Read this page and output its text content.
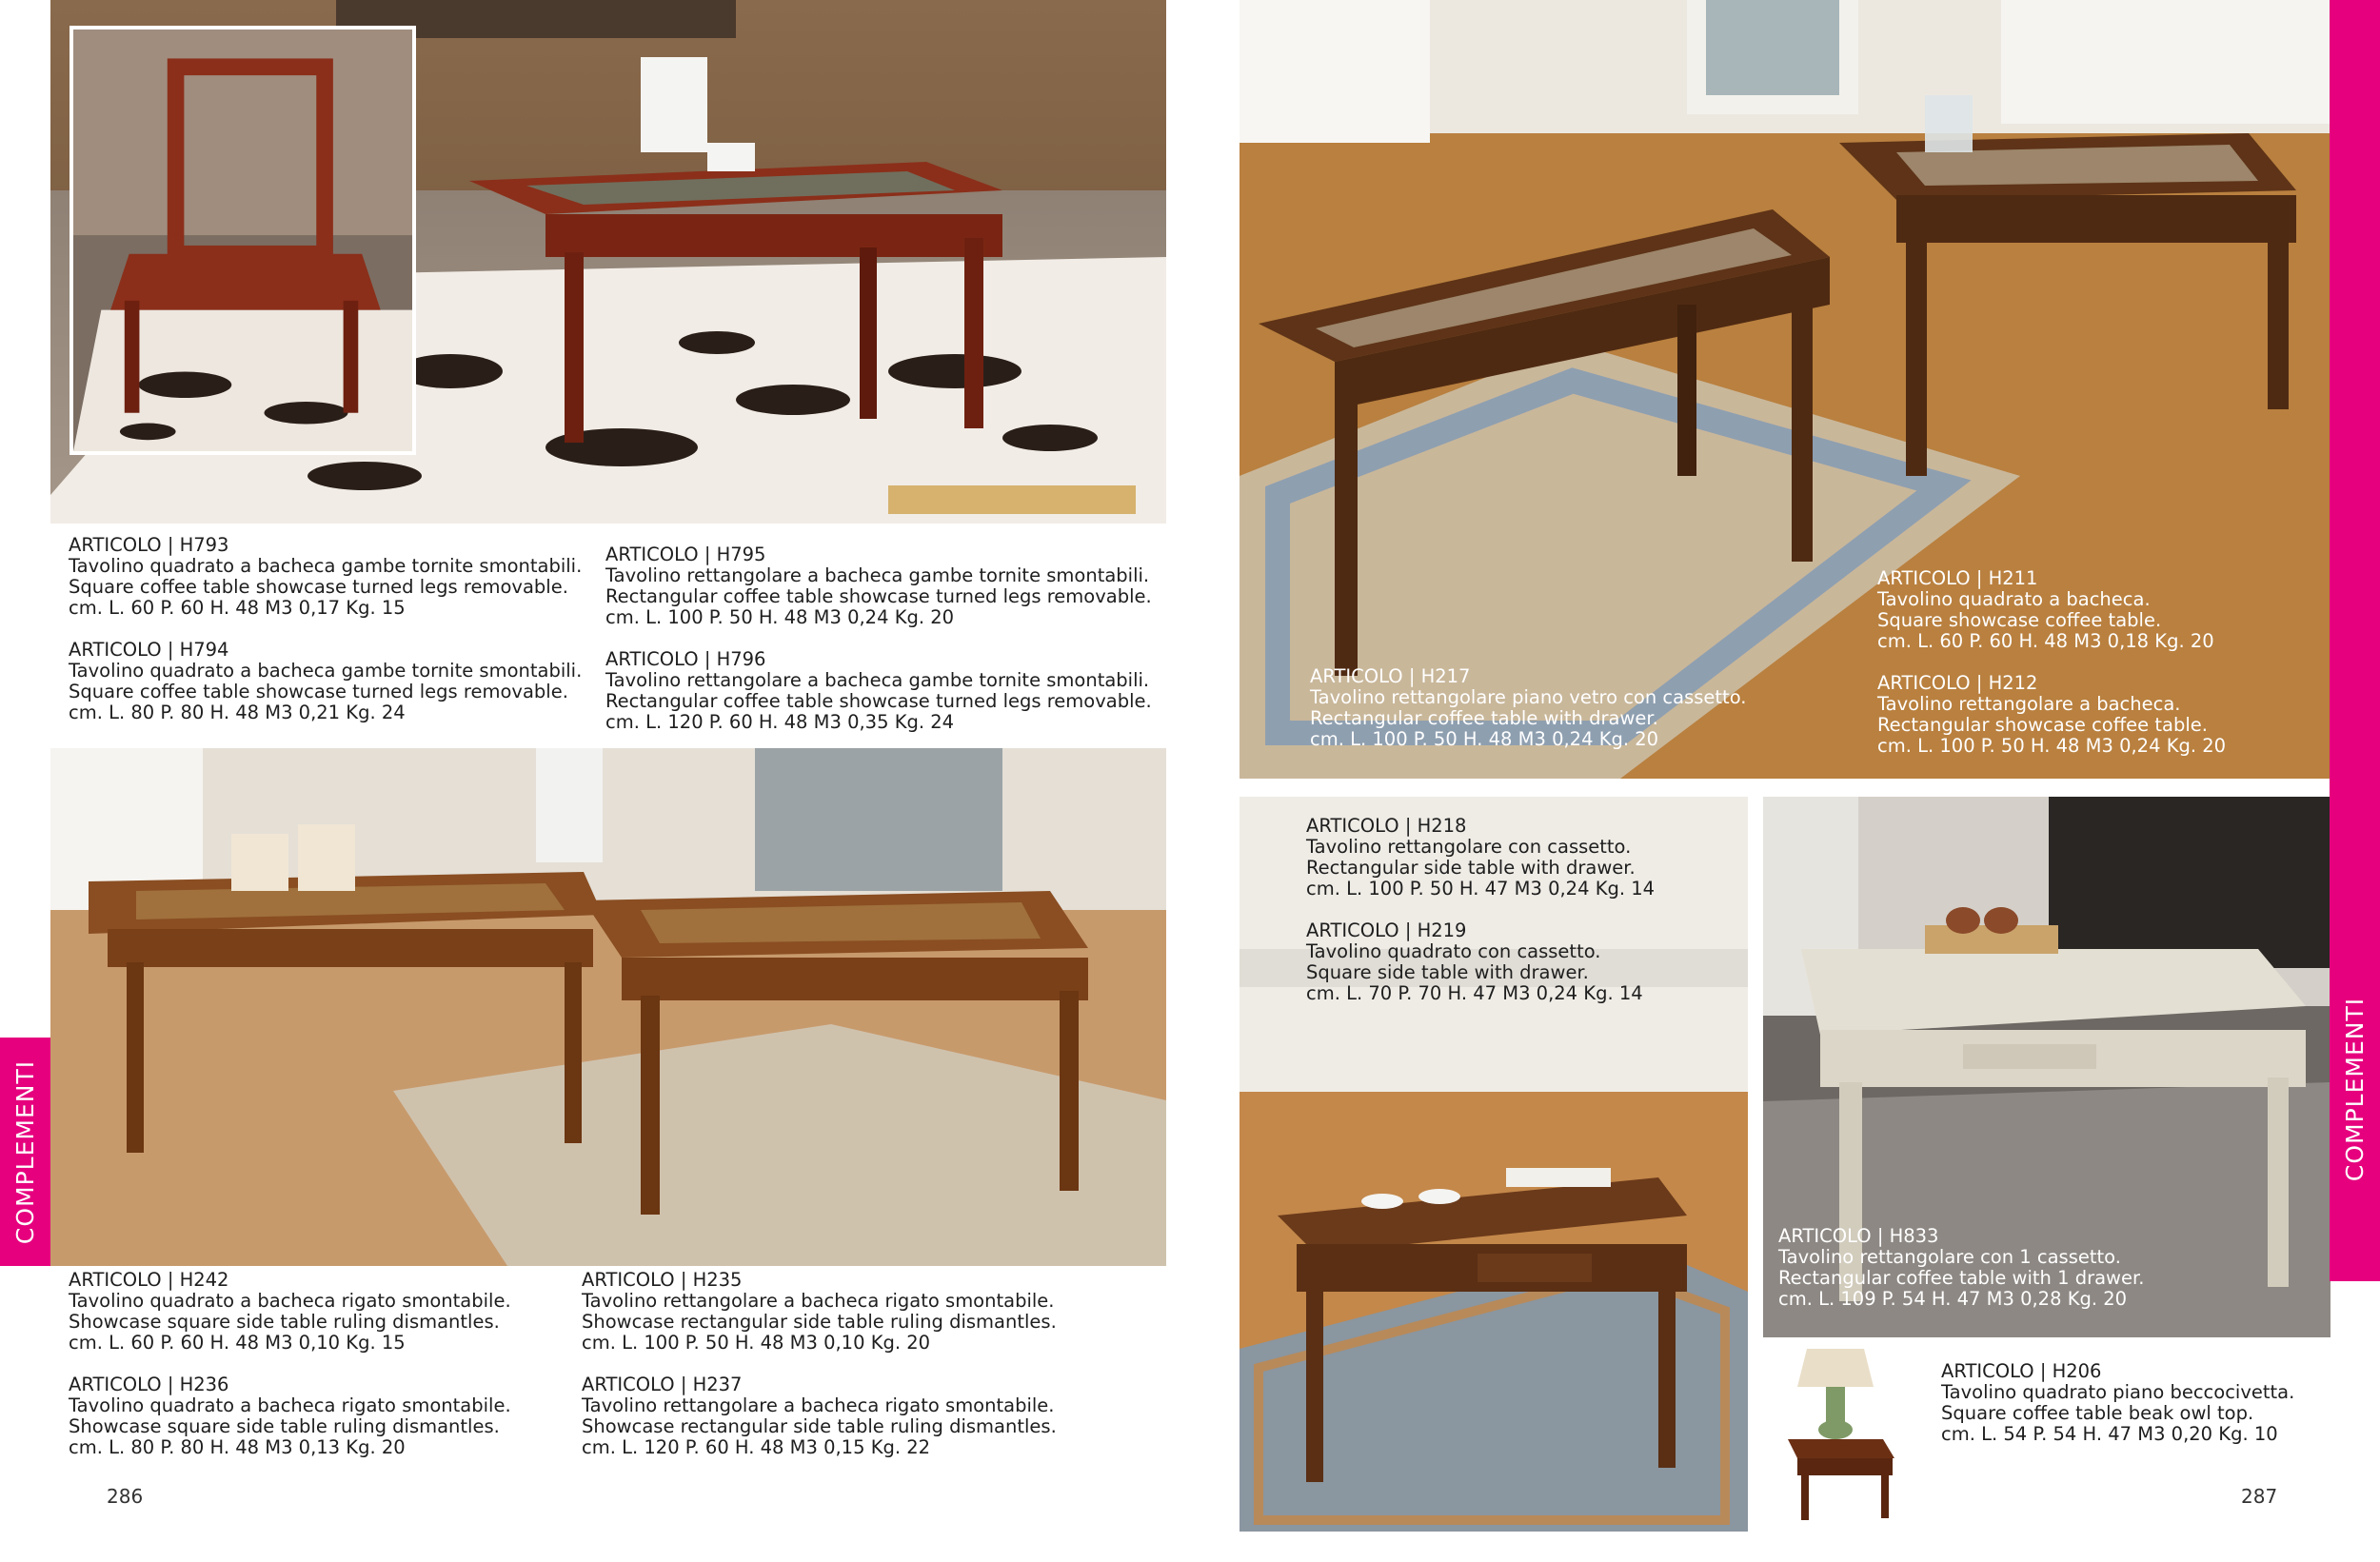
COMPLEMENTI
ARTICOLO | H793
Tavolino quadrato a bacheca gambe tornite smontabili.
Square coffee table showcase turned legs removable.
cm. L. 60 P. 60 H. 48 M3 0,17 Kg. 15
ARTICOLO | H794
Tavolino quadrato a bacheca gambe tornite smontabili.
Square coffee table showcase turned legs removable.
cm. L. 80 P. 80 H. 48 M3 0,21 Kg. 24
ARTICOLO | H795
Tavolino rettangolare a bacheca gambe tornite smontabili.
Rectangular coffee table showcase turned legs removable.
cm. L. 100 P. 50 H. 48 M3 0,24 Kg. 20
ARTICOLO | H796
Tavolino rettangolare a bacheca gambe tornite smontabili.
Rectangular coffee table showcase turned legs removable.
cm. L. 120 P. 60 H. 48 M3 0,35 Kg. 24
ARTICOLO | H242
Tavolino quadrato a bacheca rigato smontabile.
Showcase square side table ruling dismantles.
cm. L. 60 P. 60 H. 48 M3 0,10 Kg. 15
ARTICOLO | H236
Tavolino quadrato a bacheca rigato smontabile.
Showcase square side table ruling dismantles.
cm. L. 80 P. 80 H. 48 M3 0,13 Kg. 20
ARTICOLO | H235
Tavolino rettangolare a bacheca rigato smontabile.
Showcase rectangular side table ruling dismantles.
cm. L. 100 P. 50 H. 48 M3 0,10 Kg. 20
ARTICOLO | H237
Tavolino rettangolare a bacheca rigato smontabile.
Showcase rectangular side table ruling dismantles.
cm. L. 120 P. 60 H. 48 M3 0,15 Kg. 22
286
COMPLEMENTI
ARTICOLO | H217
Tavolino rettangolare piano vetro con cassetto.
Rectangular coffee table with drawer.
cm. L. 100 P. 50 H. 48 M3 0,24 Kg. 20
ARTICOLO | H211
Tavolino quadrato a bacheca.
Square showcase coffee table.
cm. L. 60 P. 60 H. 48 M3 0,18 Kg. 20
ARTICOLO | H212
Tavolino rettangolare a bacheca.
Rectangular showcase coffee table.
cm. L. 100 P. 50 H. 48 M3 0,24 Kg. 20
ARTICOLO | H218
Tavolino rettangolare con cassetto.
Rectangular side table with drawer.
cm. L. 100 P. 50 H. 47 M3 0,24 Kg. 14
ARTICOLO | H219
Tavolino quadrato con cassetto.
Square side table with drawer.
cm. L. 70 P. 70 H. 47 M3 0,24 Kg. 14
ARTICOLO | H833
Tavolino rettangolare con 1 cassetto.
Rectangular coffee table with 1 drawer.
cm. L. 109 P. 54 H. 47 M3 0,28 Kg. 20
ARTICOLO | H206
Tavolino quadrato piano beccocivetta.
Square coffee table beak owl top.
cm. L. 54 P. 54 H. 47 M3 0,20 Kg. 10
287
